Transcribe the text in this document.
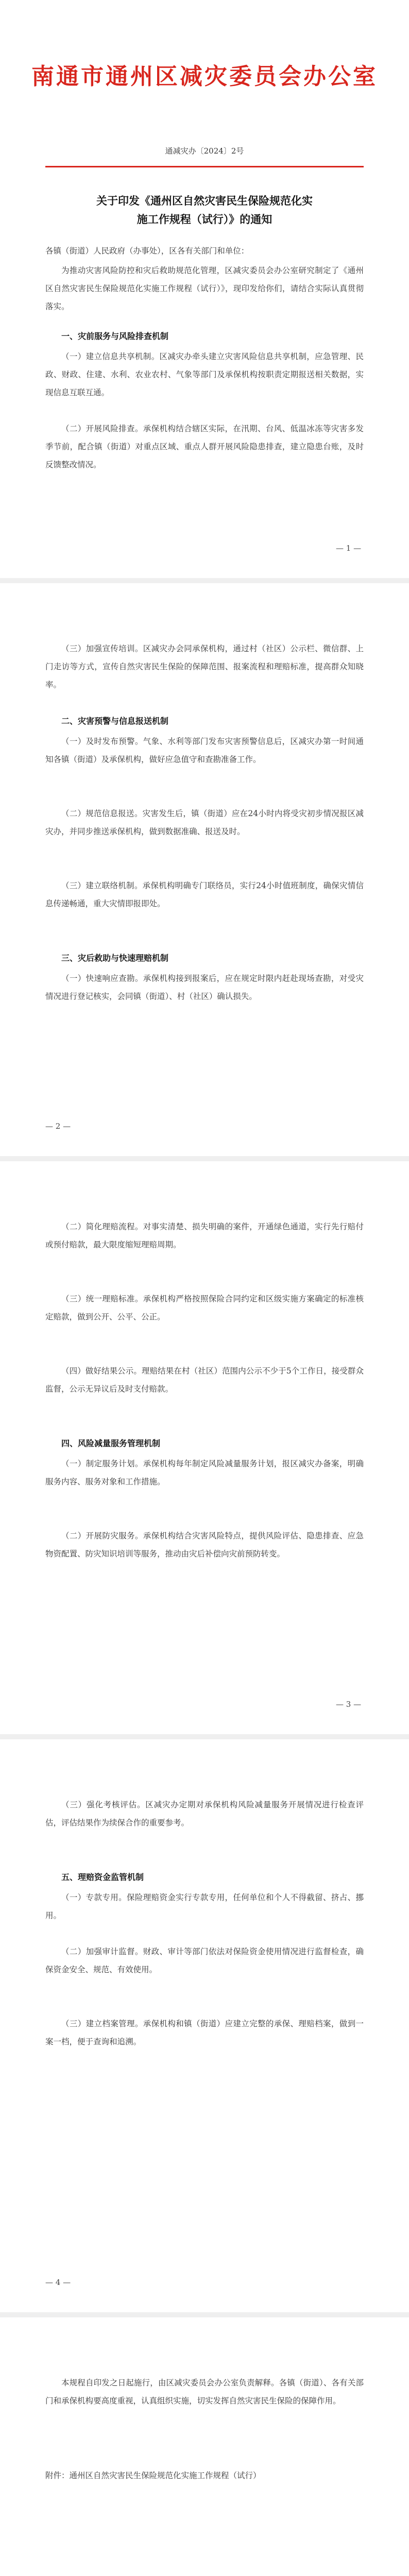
南通市通州区减灾委员会办公室
通减灾办〔2024〕2号
关于印发《通州区自然灾害民生保险规范化实
施工作规程（试行）》的通知

各镇（街道）人民政府（办事处），区各有关部门和单位：

为推动灾害风险防控和灾后救助规范化管理，区减灾委员会办公室研究制定了《通州区自然灾害民生保险规范化实施工作规程（试行）》，现印发给你们，请结合实际认真贯彻落实。

一、灾前服务与风险排查机制

（一）建立信息共享机制。区减灾办牵头建立灾害风险信息共享机制，应急管理、民政、财政、住建、水利、农业农村、气象等部门及承保机构按职责定期报送相关数据，实现信息互联互通。

（二）开展风险排查。承保机构结合辖区实际，在汛期、台风、低温冰冻等灾害多发季节前，配合镇（街道）对重点区域、重点人群开展风险隐患排查，建立隐患台账，及时反馈整改情况。

— 1 —

（三）加强宣传培训。区减灾办会同承保机构，通过村（社区）公示栏、微信群、上门走访等方式，宣传自然灾害民生保险的保障范围、报案流程和理赔标准，提高群众知晓率。

二、灾害预警与信息报送机制

（一）及时发布预警。气象、水利等部门发布灾害预警信息后，区减灾办第一时间通知各镇（街道）及承保机构，做好应急值守和查勘准备工作。

（二）规范信息报送。灾害发生后，镇（街道）应在24小时内将受灾初步情况报区减灾办，并同步推送承保机构，做到数据准确、报送及时。

（三）建立联络机制。承保机构明确专门联络员，实行24小时值班制度，确保灾情信息传递畅通，重大灾情即报即处。

三、灾后救助与快速理赔机制

（一）快速响应查勘。承保机构接到报案后，应在规定时限内赶赴现场查勘，对受灾情况进行登记核实，会同镇（街道）、村（社区）确认损失。

— 2 —

（二）简化理赔流程。对事实清楚、损失明确的案件，开通绿色通道，实行先行赔付或预付赔款，最大限度缩短理赔周期。

（三）统一理赔标准。承保机构严格按照保险合同约定和区级实施方案确定的标准核定赔款，做到公开、公平、公正。

（四）做好结果公示。理赔结果在村（社区）范围内公示不少于5个工作日，接受群众监督，公示无异议后及时支付赔款。

四、风险减量服务管理机制

（一）制定服务计划。承保机构每年制定风险减量服务计划，报区减灾办备案，明确服务内容、服务对象和工作措施。

（二）开展防灾服务。承保机构结合灾害风险特点，提供风险评估、隐患排查、应急物资配置、防灾知识培训等服务，推动由灾后补偿向灾前预防转变。

— 3 —

（三）强化考核评估。区减灾办定期对承保机构风险减量服务开展情况进行检查评估，评估结果作为续保合作的重要参考。

五、理赔资金监管机制

（一）专款专用。保险理赔资金实行专款专用，任何单位和个人不得截留、挤占、挪用。

（二）加强审计监督。财政、审计等部门依法对保险资金使用情况进行监督检查，确保资金安全、规范、有效使用。

（三）建立档案管理。承保机构和镇（街道）应建立完整的承保、理赔档案，做到一案一档，便于查询和追溯。

— 4 —

本规程自印发之日起施行，由区减灾委员会办公室负责解释。各镇（街道）、各有关部门和承保机构要高度重视，认真组织实施，切实发挥自然灾害民生保险的保障作用。

附件：通州区自然灾害民生保险规范化实施工作规程（试行）
